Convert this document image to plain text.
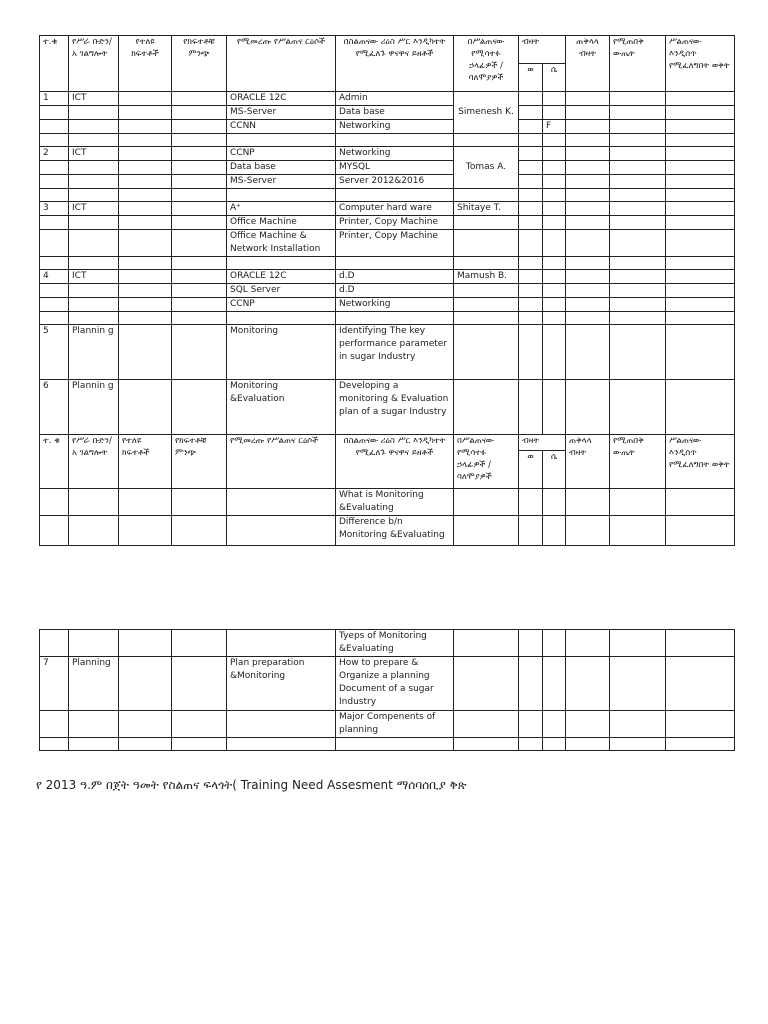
ተ.ቁ	የሥራ ቡድን/አ ገልግሎት	የተለዩ ክፍተቶች	የክፍተቶቹ ምንጭ	የሚመረጡ የሥልጠና ርዕሶች	በስልጠናው ሪዕስ ሥር እንዲካተት የሚፈለጉ ዋናዋና ይዘቶች	በሥልጠናው የሚሳተፉ ኃላፊዎች /ባለሞያዎች	ብዛት		ጠቅላላ ብዛት	የሚጠበቅ ውጤት	ሥልጠናው እንዲሰጥ የሚፈለግበት ወቅት
							ወ	ሴ			
1	ICT			ORACLE 12C	Admin	Simenesh K.					
				MS-Server	Data base						
				CCNN	Networking			F			

2	ICT			CCNP	Networking	Tomas A.					
				Data base	MYSQL						
				MS-Server	Server 2012&2016						

3	ICT			A⁺	Computer hard ware	Shitaye T.					
				Office Machine	Printer, Copy Machine						
				Office Machine & Network Installation	Printer, Copy Machine						

4	ICT			ORACLE 12C	d.D	Mamush B.					
				SQL Server	d.D						
				CCNP	Networking						

5	Plannin g			Monitoring	Identifying The key performance parameter in sugar Industry						
6	Plannin g			Monitoring &Evaluation	Developing a monitoring & Evaluation plan of a sugar Industry						
ተ. ቁ	የሥራ ቡድን/አ ገልግሎት	የተለዩ ክፍተቶች	የክፍተቶቹ ምንጭ	የሚመረጡ የሥልጠና ርዕሶች	በስልጠናው ሪዕስ ሥር እንዲካተት የሚፈለጉ ዋናዋና ይዘቶች	በሥልጠናው የሚሳተፉ ኃላፊዎች /ባለሞያዎች	ብዛት		ጠቅላላ ብዛት	የሚጠበቅ ውጤት	ሥልጠናው እንዲሰጥ የሚፈለግበት ወቅት
							ወ	ሴ			
					What is Monitoring &Evaluating						
					Difference b/n Monitoring &Evaluating						
					Tyeps of Monitoring &Evaluating						
7	Planning			Plan preparation &Monitoring	How to prepare & Organize a planning Document of a sugar Industry						
					Major Compenents of planning						

የ 2013 ዓ.ም በጀት ዓመት የስልጠና ፍላጎት( Training Need Assesment ማሰባሰቢያ ቅጽ
